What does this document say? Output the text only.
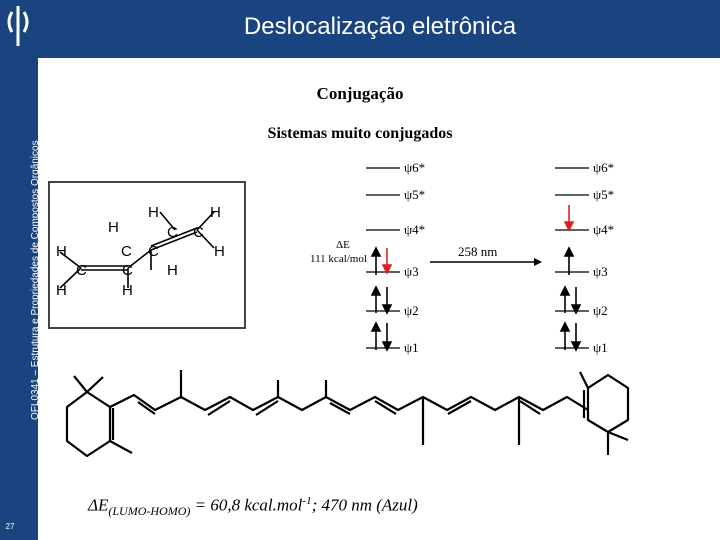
Deslocalização eletrônica
QFL0341 – Estrutura e Propriedades de Compostos Orgânicos
27
Conjugação
Sistemas muito conjugados
H
H	H
C C
C C
H
C C
H	H
H
H
ψ6*
ψ5*
ψ4*
ψ3
ψ2
ψ1
ΔE
111 kcal/mol	258 nm
ψ6*
ψ5*
ψ4*
ψ3
ψ2
ψ1
$\Delta E_{(LUMO-HOMO)} = 60,8$ kcal.mol$^{-1}$; 470 nm (Azul)
